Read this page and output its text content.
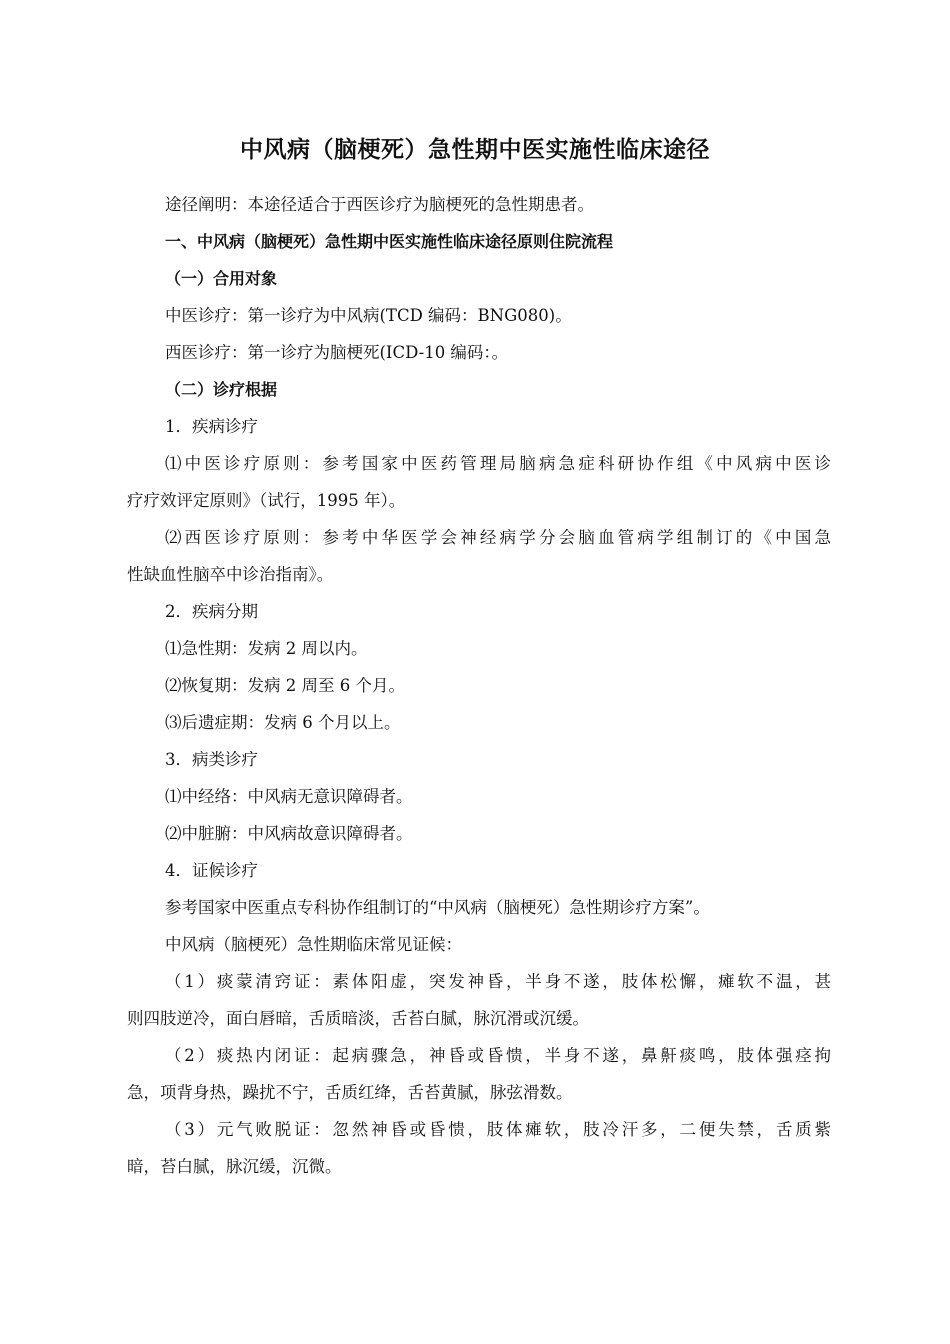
中风病（脑梗死）急性期中医实施性临床途径

途径阐明：本途径适合于西医诊疗为脑梗死的急性期患者。

一、中风病（脑梗死）急性期中医实施性临床途径原则住院流程

（一）合用对象

中医诊疗：第一诊疗为中风病(TCD 编码：BNG080)。

西医诊疗：第一诊疗为脑梗死(ICD-10 编码：。

（二）诊疗根据

1．疾病诊疗

⑴中医诊疗原则：参考国家中医药管理局脑病急症科研协作组《中风病中医诊

疗疗效评定原则》（试行，1995 年）。

⑵西医诊疗原则：参考中华医学会神经病学分会脑血管病学组制订的《中国急

性缺血性脑卒中诊治指南》。

2．疾病分期

⑴急性期：发病 2 周以内。

⑵恢复期：发病 2 周至 6 个月。

⑶后遗症期：发病 6 个月以上。

3．病类诊疗

⑴中经络：中风病无意识障碍者。

⑵中脏腑：中风病故意识障碍者。

4．证候诊疗

参考国家中医重点专科协作组制订的“中风病（脑梗死）急性期诊疗方案”。

中风病（脑梗死）急性期临床常见证候：

（1）痰蒙清窍证：素体阳虚，突发神昏，半身不遂，肢体松懈，瘫软不温，甚

则四肢逆冷，面白唇暗，舌质暗淡，舌苔白腻，脉沉滑或沉缓。

（2）痰热内闭证：起病骤急，神昏或昏愦，半身不遂，鼻鼾痰鸣，肢体强痉拘

急，项背身热，躁扰不宁，舌质红绛，舌苔黄腻，脉弦滑数。

（3）元气败脱证：忽然神昏或昏愦，肢体瘫软，肢冷汗多，二便失禁，舌质紫

暗，苔白腻，脉沉缓，沉微。
